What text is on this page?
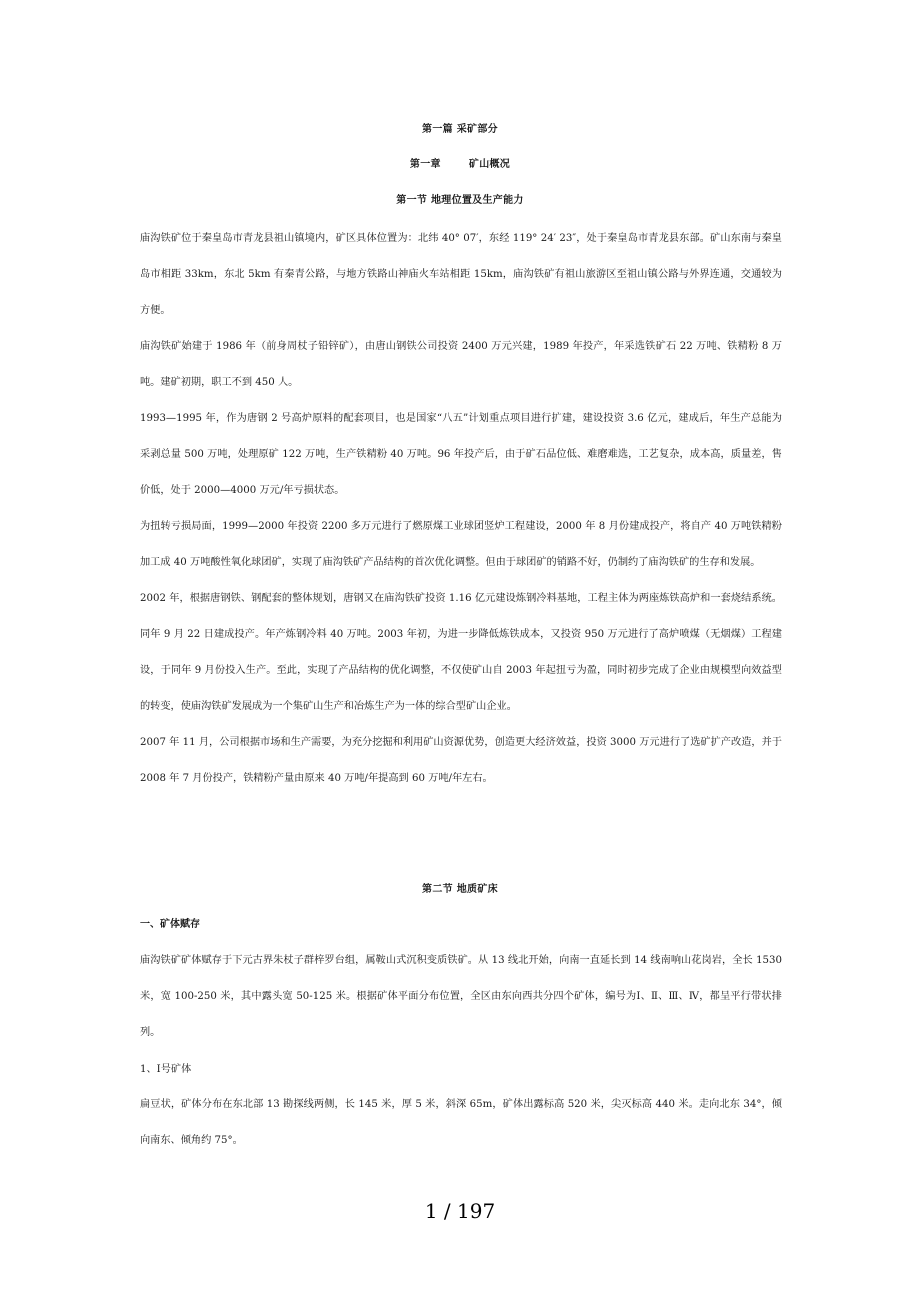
第一篇 采矿部分
第一章　 矿山概况
第一节 地理位置及生产能力

庙沟铁矿位于秦皇岛市青龙县祖山镇境内，矿区具体位置为：北纬 40° 07′，东经 119° 24′ 23″，处于秦皇岛市青龙县东部。矿山东南与秦皇岛市相距 33km，东北 5km 有秦青公路，与地方铁路山神庙火车站相距 15km，庙沟铁矿有祖山旅游区至祖山镇公路与外界连通，交通较为方便。

庙沟铁矿始建于 1986 年（前身周杖子铅锌矿），由唐山钢铁公司投资 2400 万元兴建，1989 年投产，年采选铁矿石 22 万吨、铁精粉 8 万吨。建矿初期，职工不到 450 人。

1993—1995 年，作为唐钢 2 号高炉原料的配套项目，也是国家“八五”计划重点项目进行扩建，建设投资 3.6 亿元，建成后，年生产总能为 采剥总量 500 万吨，处理原矿 122 万吨，生产铁精粉 40 万吨。96 年投产后，由于矿石品位低、难磨难选，工艺复杂，成本高，质量差，售价低，处于 2000—4000 万元/年亏损状态。

为扭转亏损局面，1999—2000 年投资 2200 多万元进行了燃原煤工业球团竖炉工程建设，2000 年 8 月份建成投产，将自产 40 万吨铁精粉加工成 40 万吨酸性氧化球团矿，实现了庙沟铁矿产品结构的首次优化调整。但由于球团矿的销路不好，仍制约了庙沟铁矿的生存和发展。

2002 年，根据唐钢铁、钢配套的整体规划，唐钢又在庙沟铁矿投资 1.16 亿元建设炼钢冷料基地，工程主体为两座炼铁高炉和一套烧结系统。同年 9 月 22 日建成投产。年产炼钢冷料 40 万吨。2003 年初，为进一步降低炼铁成本，又投资 950 万元进行了高炉喷煤（无烟煤）工程建设，于同年 9 月份投入生产。至此，实现了产品结构的优化调整，不仅使矿山自 2003 年起扭亏为盈，同时初步完成了企业由规模型向效益型的转变，使庙沟铁矿发展成为一个集矿山生产和冶炼生产为一体的综合型矿山企业。

2007 年 11 月，公司根据市场和生产需要，为充分挖掘和利用矿山资源优势，创造更大经济效益，投资 3000 万元进行了选矿扩产改造，并于 2008 年 7 月份投产，铁精粉产量由原来 40 万吨/年提高到 60 万吨/年左右。

第二节 地质矿床
一、矿体赋存

庙沟铁矿矿体赋存于下元古界朱杖子群梓罗台组，属鞍山式沉积变质铁矿。从 13 线北开始，向南一直延长到 14 线南响山花岗岩，全长 1530 米，宽 100-250 米，其中露头宽 50-125 米。根据矿体平面分布位置，全区由东向西共分四个矿体，编号为Ⅰ、Ⅱ、Ⅲ、Ⅳ，都呈平行带状排列。

1、Ⅰ号矿体

扁豆状，矿体分布在东北部 13 勘探线两侧，长 145 米，厚 5 米，斜深 65m，矿体出露标高 520 米，尖灭标高 440 米。走向北东 34°，倾向南东、倾角约 75°。

1 / 197
